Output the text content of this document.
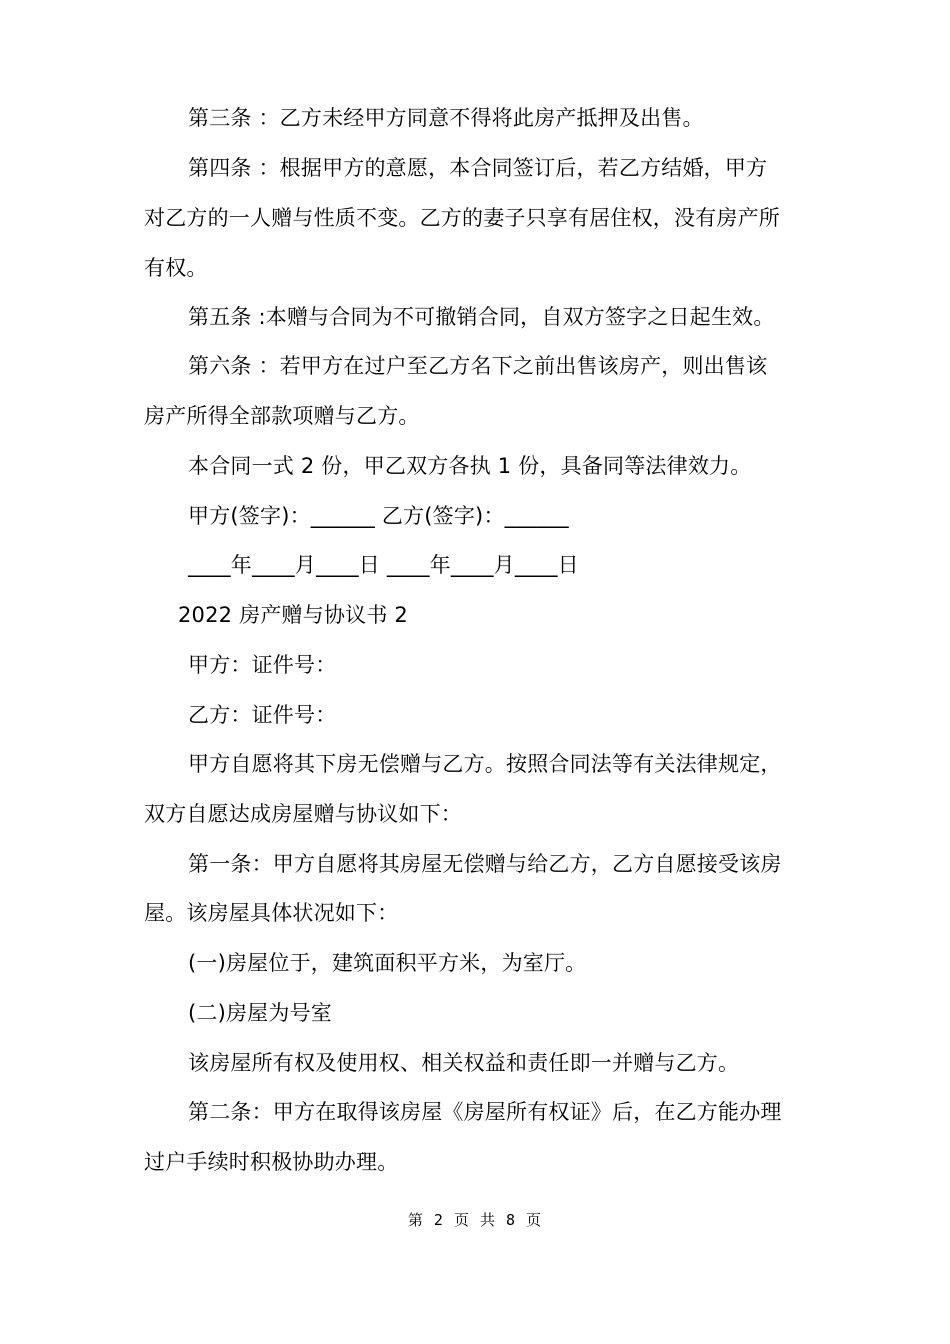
第三条 ：乙方未经甲方同意不得将此房产抵押及出售。
第四条 ：根据甲方的意愿，本合同签订后，若乙方结婚，甲方
对乙方的一人赠与性质不变。乙方的妻子只享有居住权，没有房产所
有权。
第五条 :本赠与合同为不可撤销合同，自双方签字之日起生效。
第六条 ：若甲方在过户至乙方名下之前出售该房产，则出售该
房产所得全部款项赠与乙方。
本合同一式 2 份，甲乙双方各执 1 份，具备同等法律效力。
甲方(签字)：______ 乙方(签字)：______
____年____月____日 ____年____月____日
2022 房产赠与协议书 2
甲方：证件号：
乙方：证件号：
甲方自愿将其下房无偿赠与乙方。按照合同法等有关法律规定，
双方自愿达成房屋赠与协议如下：
第一条：甲方自愿将其房屋无偿赠与给乙方，乙方自愿接受该房
屋。该房屋具体状况如下：
(一)房屋位于，建筑面积平方米，为室厅。
(二)房屋为号室
该房屋所有权及使用权、相关权益和责任即一并赠与乙方。
第二条：甲方在取得该房屋《房屋所有权证》后，在乙方能办理
过户手续时积极协助办理。
第 2 页 共 8 页
